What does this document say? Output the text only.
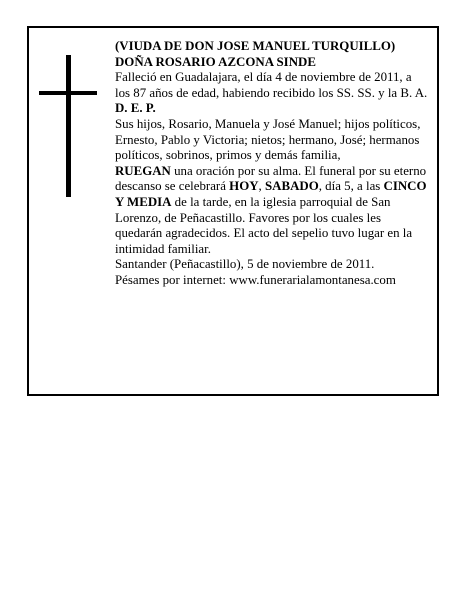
(VIUDA DE DON JOSE MANUEL TURQUILLO)

DOÑA ROSARIO AZCONA SINDE

Falleció en Guadalajara, el día 4 de noviembre de 2011, a los 87 años de edad, habiendo recibido los SS. SS. y la B. A.

D. E. P.

Sus hijos, Rosario, Manuela y José Manuel; hijos políticos, Ernesto, Pablo y Victoria; nietos; hermano, José; hermanos políticos, sobrinos, primos y demás familia,

RUEGAN una oración por su alma. El funeral por su eterno descanso se celebrará HOY, SABADO, día 5, a las CINCO Y MEDIA de la tarde, en la iglesia parroquial de San Lorenzo, de Peñacastillo. Favores por los cuales les quedarán agradecidos. El acto del sepelio tuvo lugar en la intimidad familiar.

Santander (Peñacastillo), 5 de noviembre de 2011.

Pésames por internet: www.funerarialamontanesa.com
